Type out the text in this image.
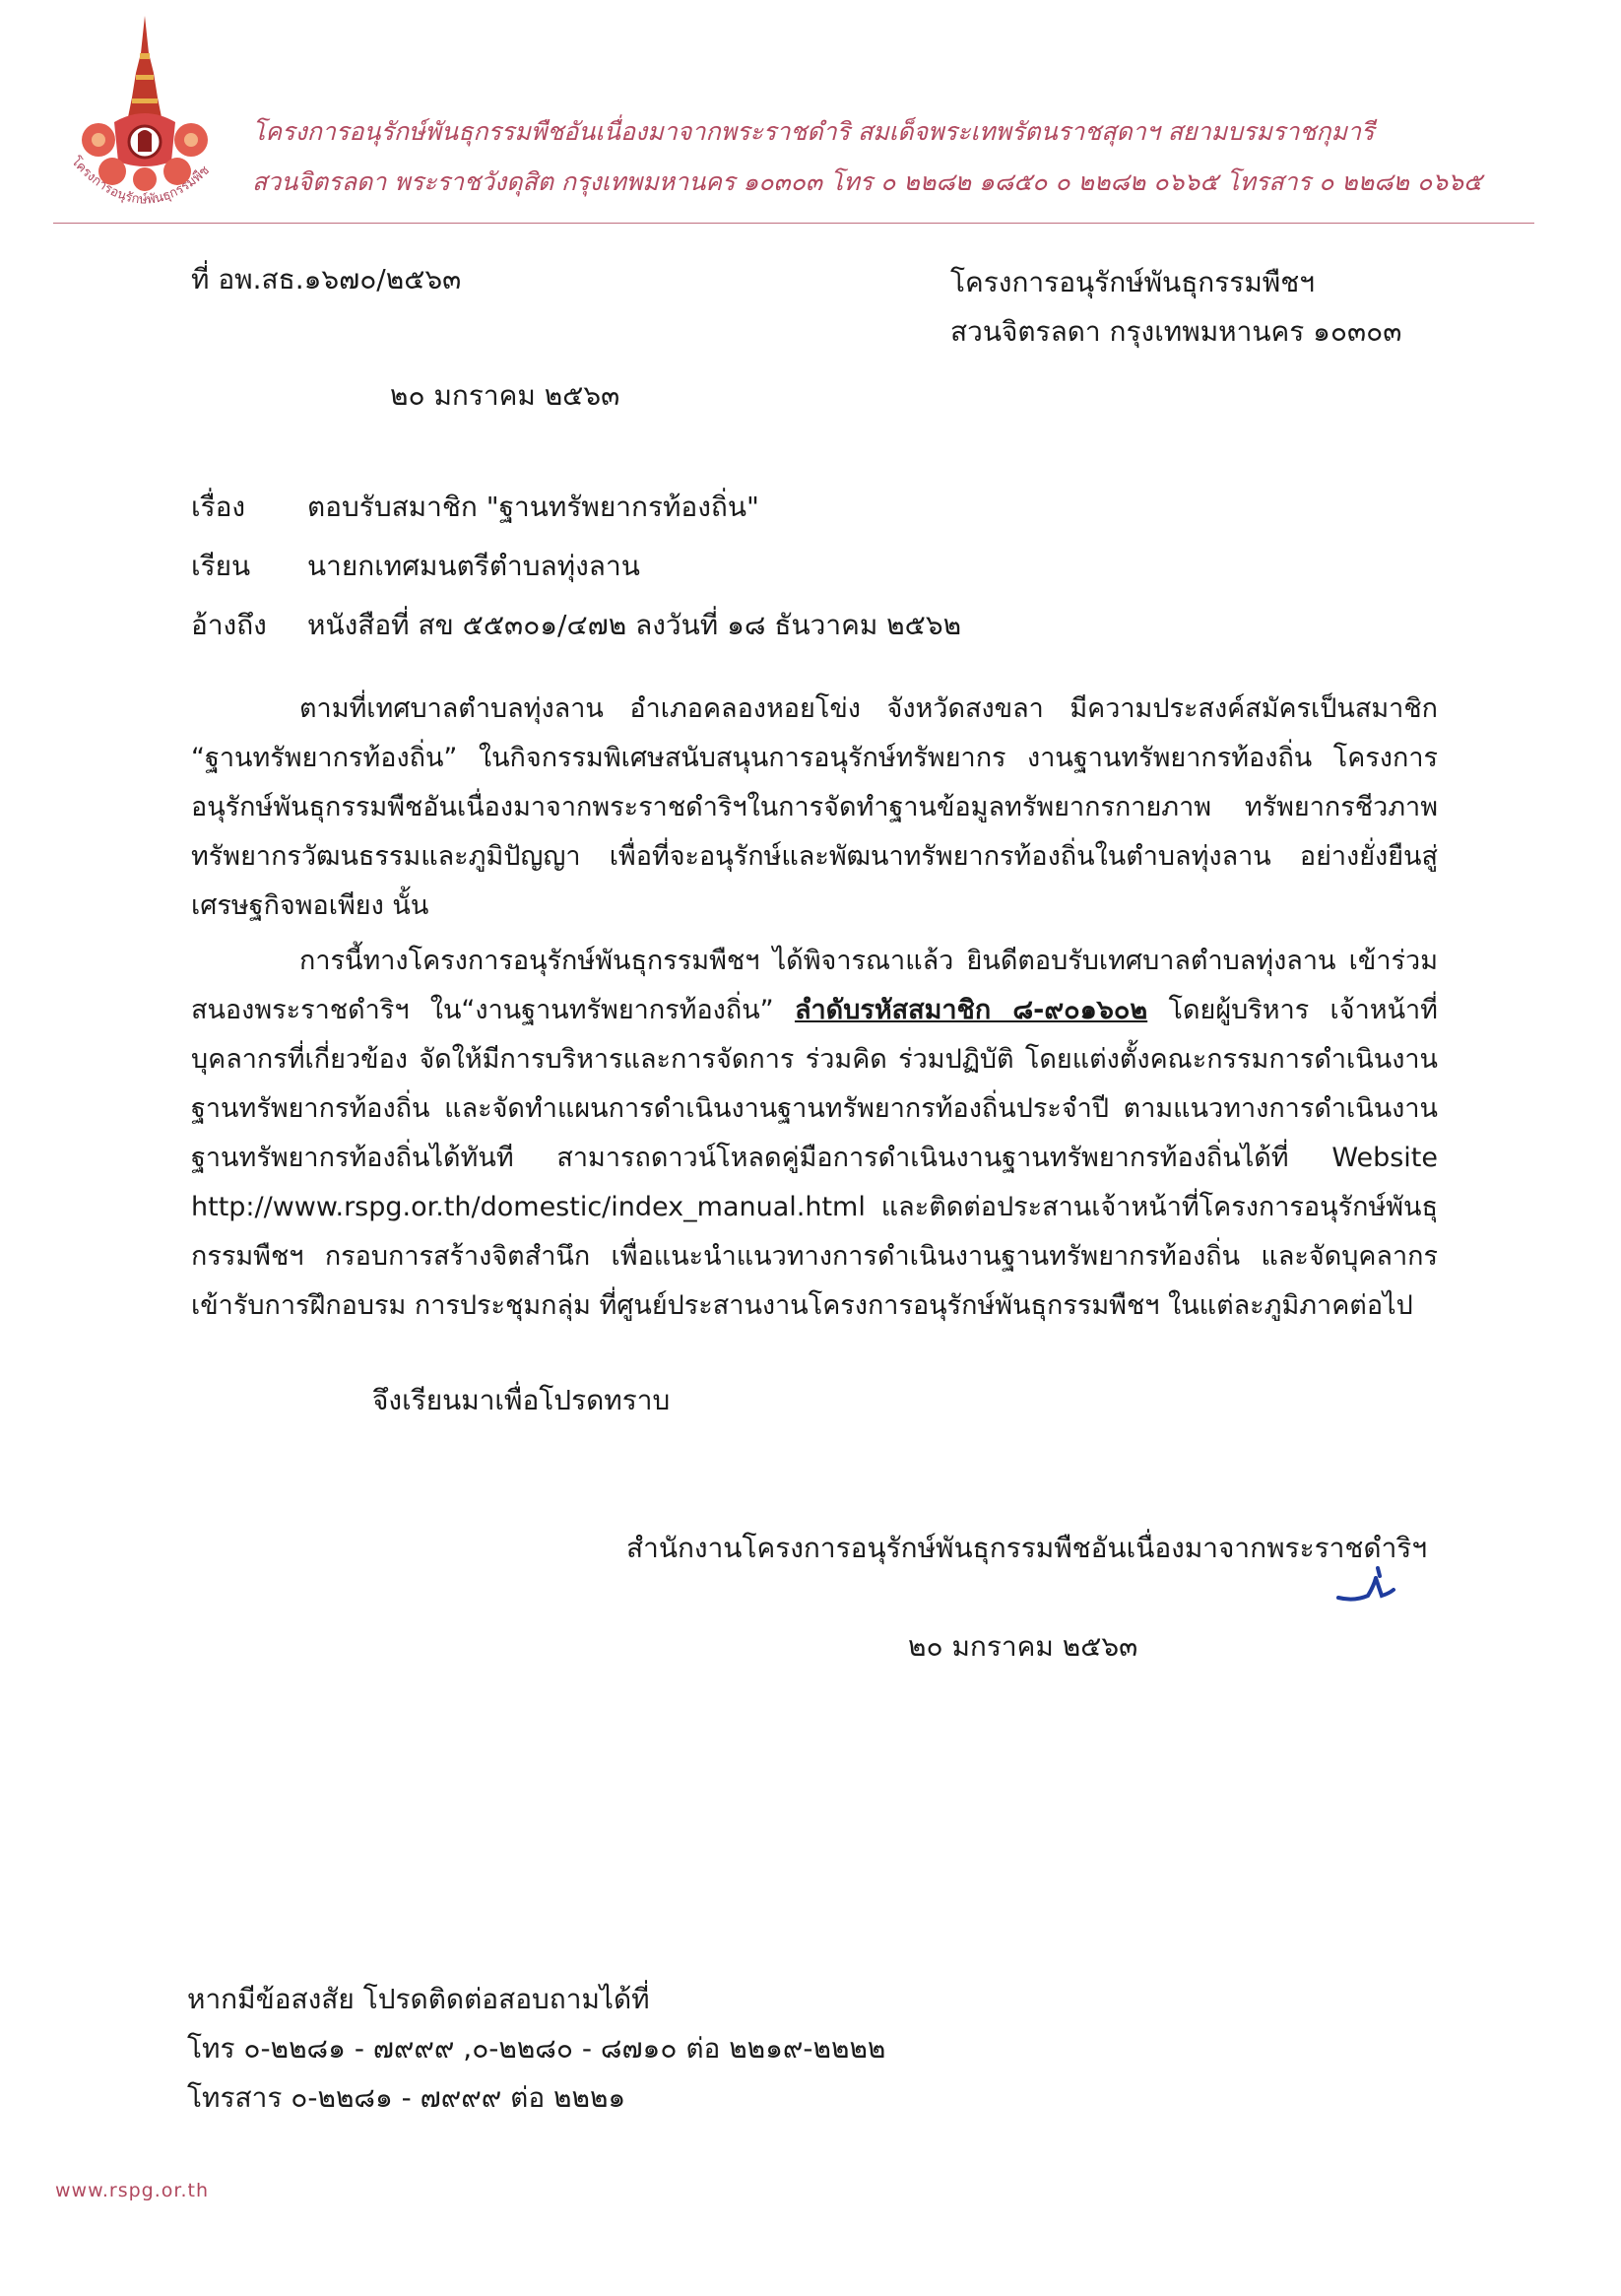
โครงการอนุรักษ์พันธุกรรมพืช
โครงการอนุรักษ์พันธุกรรมพืชอันเนื่องมาจากพระราชดำริ สมเด็จพระเทพรัตนราชสุดาฯ สยามบรมราชกุมารี
สวนจิตรลดา พระราชวังดุสิต กรุงเทพมหานคร ๑๐๓๐๓ โทร ๐ ๒๒๘๒ ๑๘๕๐ ๐ ๒๒๘๒ ๐๖๖๕ โทรสาร ๐ ๒๒๘๒ ๐๖๖๕
ที่ อพ.สธ.๑๖๗๐/๒๕๖๓	โครงการอนุรักษ์พันธุกรรมพืชฯ
สวนจิตรลดา กรุงเทพมหานคร ๑๐๓๐๓
๒๐ มกราคม ๒๕๖๓
เรื่อง	ตอบรับสมาชิก "ฐานทรัพยากรท้องถิ่น"
เรียน	นายกเทศมนตรีตำบลทุ่งลาน
อ้างถึง	หนังสือที่ สข ๕๕๓๐๑/๔๗๒ ลงวันที่ ๑๘ ธันวาคม ๒๕๖๒

ตามที่เทศบาลตำบลทุ่งลาน อำเภอคลองหอยโข่ง จังหวัดสงขลา มีความประสงค์สมัครเป็นสมาชิก “ฐานทรัพยากรท้องถิ่น” ในกิจกรรมพิเศษสนับสนุนการอนุรักษ์ทรัพยากร งานฐานทรัพยากรท้องถิ่น โครงการอนุรักษ์พันธุกรรมพืชอันเนื่องมาจากพระราชดำริฯในการจัดทำฐานข้อมูลทรัพยากรกายภาพ ทรัพยากรชีวภาพ ทรัพยากรวัฒนธรรมและภูมิปัญญา เพื่อที่จะอนุรักษ์และพัฒนาทรัพยากรท้องถิ่นในตำบลทุ่งลาน อย่างยั่งยืนสู่เศรษฐกิจพอเพียง นั้น

การนี้ทางโครงการอนุรักษ์พันธุกรรมพืชฯ ได้พิจารณาแล้ว ยินดีตอบรับเทศบาลตำบลทุ่งลาน เข้าร่วมสนองพระราชดำริฯ ใน“งานฐานทรัพยากรท้องถิ่น” ลำดับรหัสสมาชิก ๘-๙๐๑๖๐๒ โดยผู้บริหาร เจ้าหน้าที่บุคลากรที่เกี่ยวข้อง จัดให้มีการบริหารและการจัดการ ร่วมคิด ร่วมปฏิบัติ โดยแต่งตั้งคณะกรรมการดำเนินงานฐานทรัพยากรท้องถิ่น และจัดทำแผนการดำเนินงานฐานทรัพยากรท้องถิ่นประจำปี ตามแนวทางการดำเนินงานฐานทรัพยากรท้องถิ่นได้ทันที สามารถดาวน์โหลดคู่มือการดำเนินงานฐานทรัพยากรท้องถิ่นได้ที่ Website http://www.rspg.or.th/domestic/index_manual.html และติดต่อประสานเจ้าหน้าที่โครงการอนุรักษ์พันธุกรรมพืชฯ กรอบการสร้างจิตสำนึก เพื่อแนะนำแนวทางการดำเนินงานฐานทรัพยากรท้องถิ่น และจัดบุคลากรเข้ารับการฝึกอบรม การประชุมกลุ่ม ที่ศูนย์ประสานงานโครงการอนุรักษ์พันธุกรรมพืชฯ ในแต่ละภูมิภาคต่อไป

จึงเรียนมาเพื่อโปรดทราบ
สำนักงานโครงการอนุรักษ์พันธุกรรมพืชอันเนื่องมาจากพระราชดำริฯ
๒๐ มกราคม ๒๕๖๓
หากมีข้อสงสัย โปรดติดต่อสอบถามได้ที่
โทร ๐-๒๒๘๑ - ๗๙๙๙ ,๐-๒๒๘๐ - ๘๗๑๐ ต่อ ๒๒๑๙-๒๒๒๒
โทรสาร ๐-๒๒๘๑ - ๗๙๙๙ ต่อ ๒๒๒๑
www.rspg.or.th
